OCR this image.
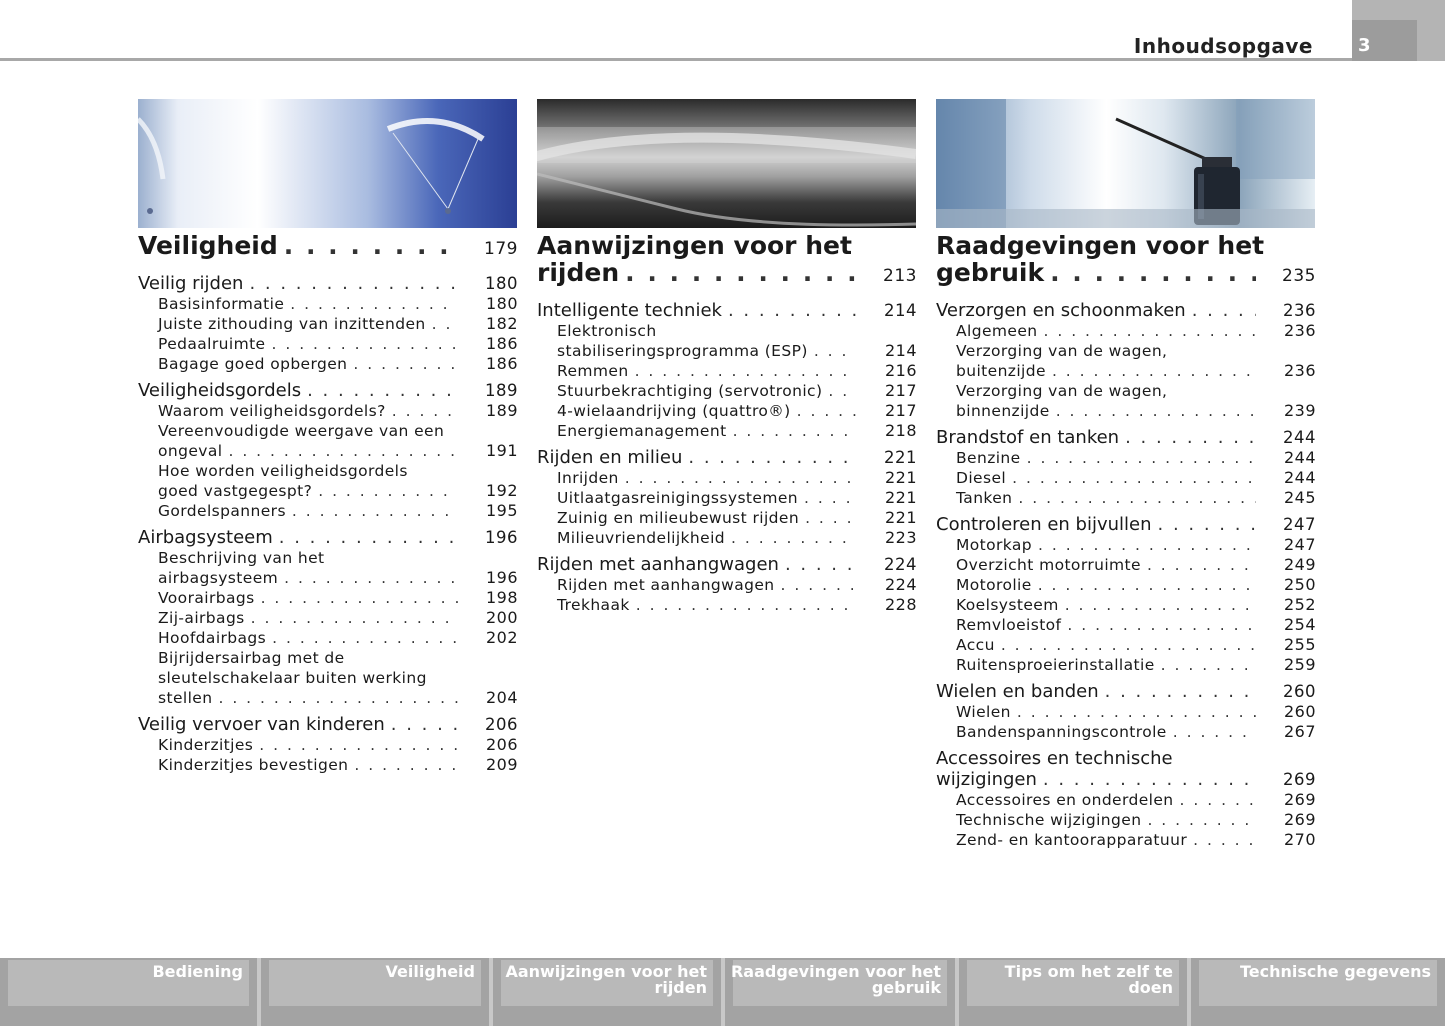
Inhoudsopgave	3
Veiligheid . . .	179
Veilig rijden . . .	180
Basisinformatie . . .	180
Juiste zithouding van inzittenden . . .	182
Pedaalruimte . . .	186
Bagage goed opbergen . . .	186
Veiligheidsgordels . . .	189
Waarom veiligheidsgordels? . . .	189
Vereenvoudigde weergave van een
ongeval . . .	191
Hoe worden veiligheidsgordels
goed vastgegespt? . . .	192
Gordelspanners . . .	195
Airbagsysteem . . .	196
Beschrijving van het
airbagsysteem . . .	196
Voorairbags . . .	198
Zij-airbags . . .	200
Hoofdairbags . . .	202
Bijrijdersairbag met de
sleutelschakelaar buiten werking
stellen . . .	204
Veilig vervoer van kinderen . . .	206
Kinderzitjes . . .	206
Kinderzitjes bevestigen . . .	209
Aanwijzingen voor het
rijden . . .	213
Intelligente techniek . . .	214
Elektronisch
stabiliseringsprogramma (ESP) . . .	214
Remmen . . .	216
Stuurbekrachtiging (servotronic) . . .	217
4-wielaandrijving (quattro®) . . .	217
Energiemanagement . . .	218
Rijden en milieu . . .	221
Inrijden . . .	221
Uitlaatgasreinigingssystemen . . .	221
Zuinig en milieubewust rijden . . .	221
Milieuvriendelijkheid . . .	223
Rijden met aanhangwagen . . .	224
Rijden met aanhangwagen . . .	224
Trekhaak . . .	228
Raadgevingen voor het
gebruik . . .	235
Verzorgen en schoonmaken . . .	236
Algemeen . . .	236
Verzorging van de wagen,
buitenzijde . . .	236
Verzorging van de wagen,
binnenzijde . . .	239
Brandstof en tanken . . .	244
Benzine . . .	244
Diesel . . .	244
Tanken . . .	245
Controleren en bijvullen . . .	247
Motorkap . . .	247
Overzicht motorruimte . . .	249
Motorolie . . .	250
Koelsysteem . . .	252
Remvloeistof . . .	254
Accu . . .	255
Ruitensproeierinstallatie . . .	259
Wielen en banden . . .	260
Wielen . . .	260
Bandenspanningscontrole . . .	267
Accessoires en technische
wijzigingen . . .	269
Accessoires en onderdelen . . .	269
Technische wijzigingen . . .	269
Zend- en kantoorapparatuur . . .	270
Bediening	Veiligheid Aanwijzingen voor het
rijden
Raadgevingen voor het
gebruik
Tips om het zelf te doen
Technische gegevens
